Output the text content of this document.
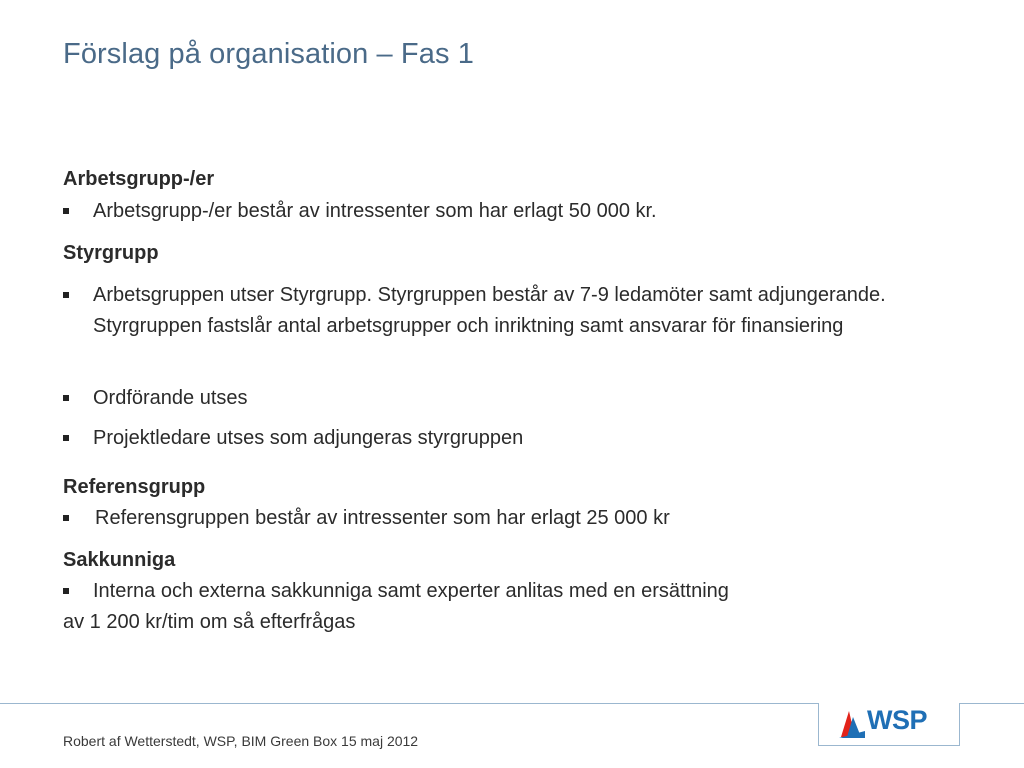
Förslag på organisation – Fas 1
Arbetsgrupp-/er
Arbetsgrupp-/er består av intressenter som har erlagt 50 000 kr.
Styrgrupp
Arbetsgruppen utser Styrgrupp. Styrgruppen består av 7-9 ledamöter samt adjungerande. Styrgruppen fastslår antal arbetsgrupper och inriktning samt ansvarar för finansiering
Ordförande utses
Projektledare utses som adjungeras styrgruppen
Referensgrupp
Referensgruppen består av intressenter som har erlagt 25 000 kr
Sakkunniga
Interna och externa sakkunniga samt experter anlitas med en ersättning
av 1 200 kr/tim om så efterfrågas
WSP
Robert af Wetterstedt, WSP, BIM Green Box 15 maj 2012
